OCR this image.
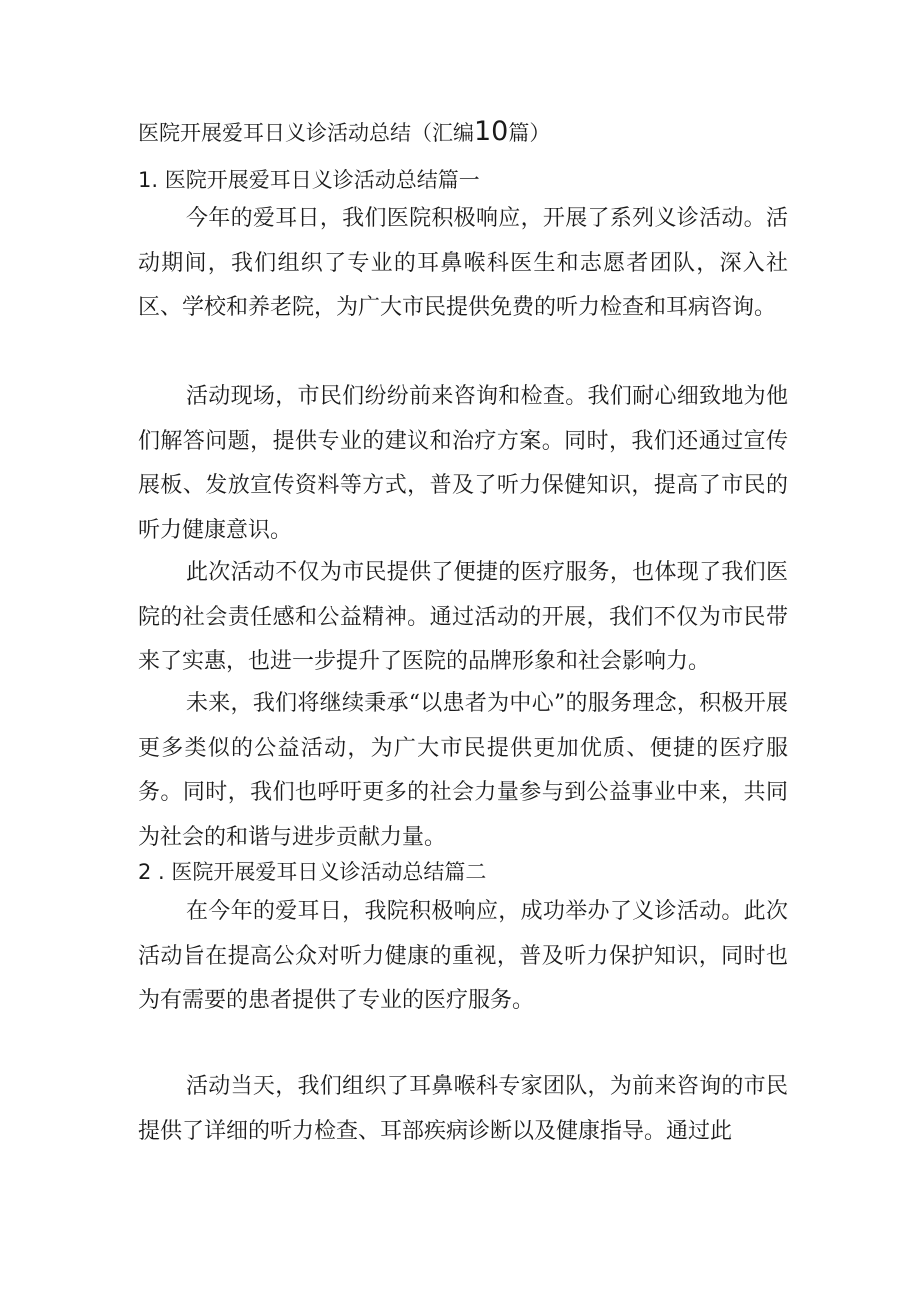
医院开展爱耳日义诊活动总结（汇编10篇）
1. 医院开展爱耳日义诊活动总结篇一

今年的爱耳日，我们医院积极响应，开展了系列义诊活动。活动期间，我们组织了专业的耳鼻喉科医生和志愿者团队，深入社区、学校和养老院，为广大市民提供免费的听力检查和耳病咨询。

活动现场，市民们纷纷前来咨询和检查。我们耐心细致地为他们解答问题，提供专业的建议和治疗方案。同时，我们还通过宣传展板、发放宣传资料等方式，普及了听力保健知识，提高了市民的听力健康意识。

此次活动不仅为市民提供了便捷的医疗服务，也体现了我们医院的社会责任感和公益精神。通过活动的开展，我们不仅为市民带来了实惠，也进一步提升了医院的品牌形象和社会影响力。

未来，我们将继续秉承“以患者为中心”的服务理念，积极开展更多类似的公益活动，为广大市民提供更加优质、便捷的医疗服务。同时，我们也呼吁更多的社会力量参与到公益事业中来，共同为社会的和谐与进步贡献力量。

2 . 医院开展爱耳日义诊活动总结篇二

在今年的爱耳日，我院积极响应，成功举办了义诊活动。此次活动旨在提高公众对听力健康的重视，普及听力保护知识，同时也为有需要的患者提供了专业的医疗服务。

活动当天，我们组织了耳鼻喉科专家团队，为前来咨询的市民提供了详细的听力检查、耳部疾病诊断以及健康指导。通过此
